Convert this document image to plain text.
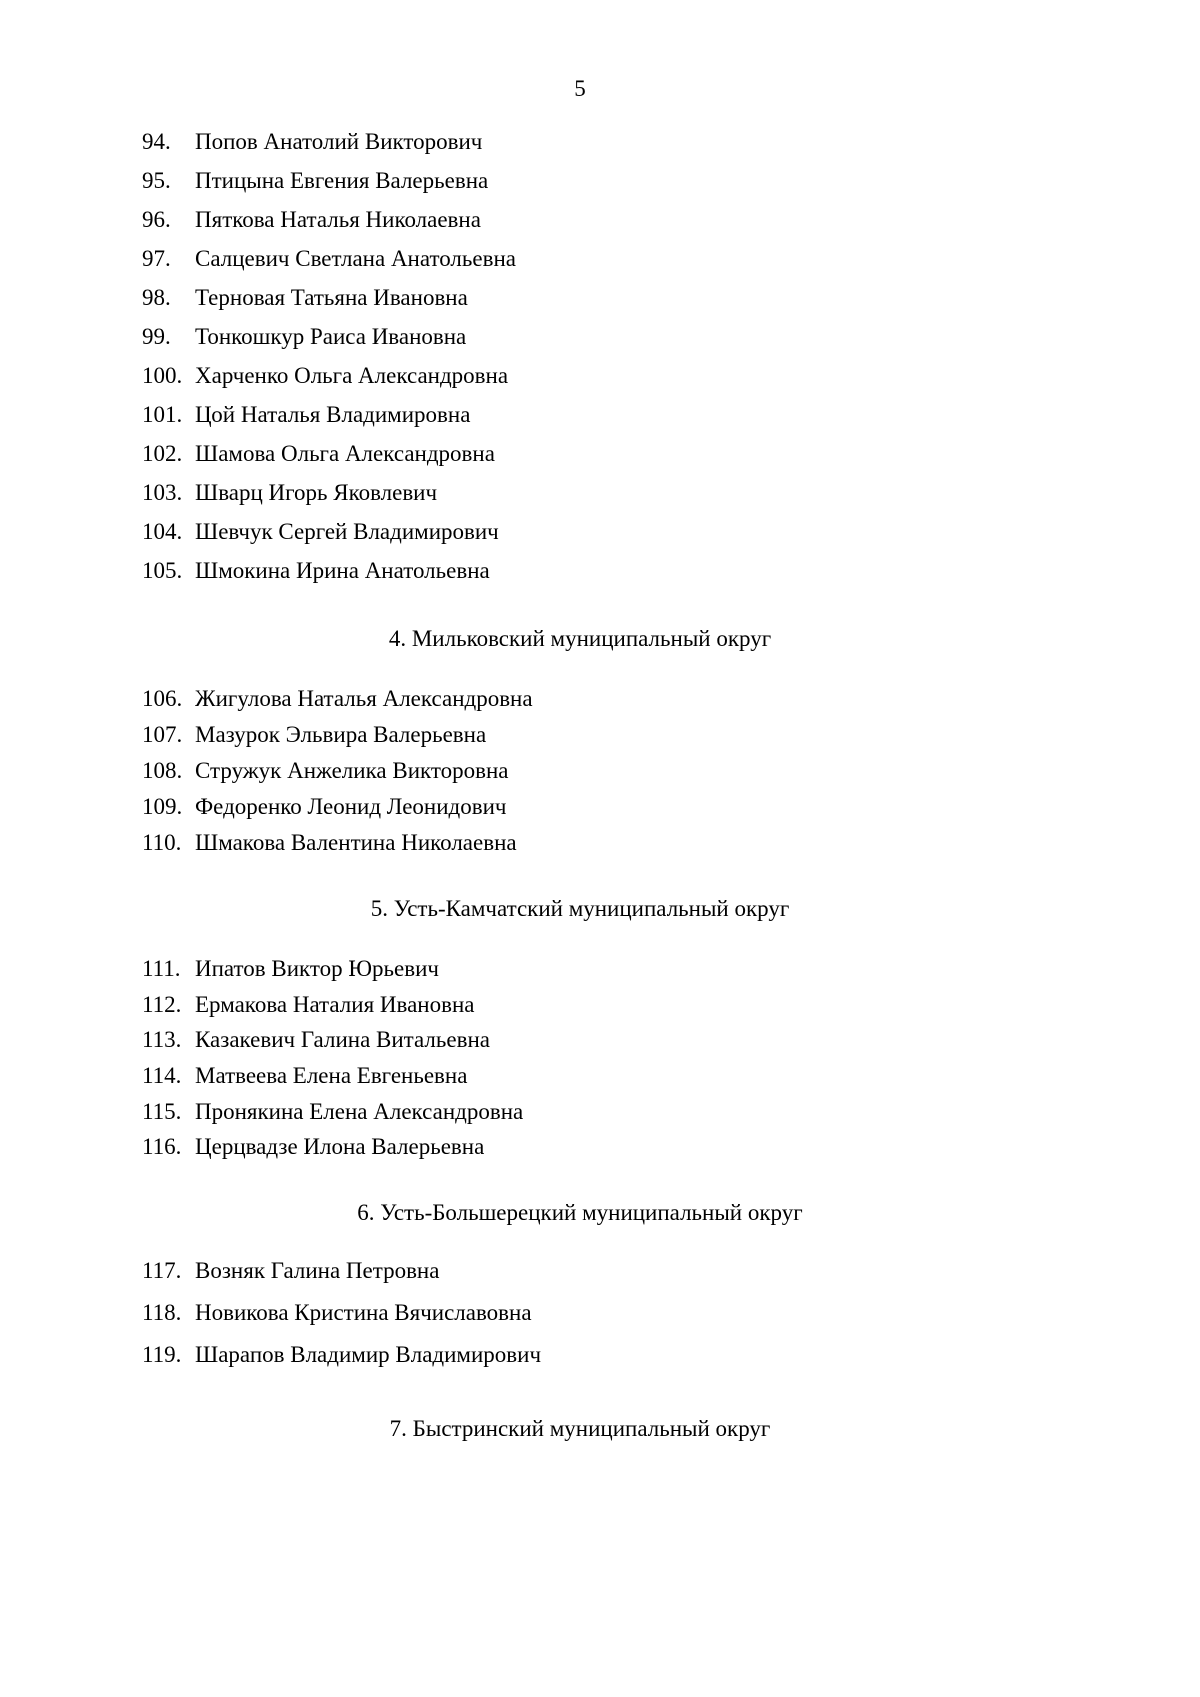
5
94. Попов Анатолий Викторович
95. Птицына Евгения Валерьевна
96. Пяткова Наталья Николаевна
97. Салцевич Светлана Анатольевна
98. Терновая Татьяна Ивановна
99. Тонкошкур Раиса Ивановна
100. Харченко Ольга Александровна
101. Цой Наталья Владимировна
102. Шамова Ольга Александровна
103. Шварц Игорь Яковлевич
104. Шевчук Сергей Владимирович
105. Шмокина Ирина Анатольевна
4. Мильковский муниципальный округ
106. Жигулова Наталья Александровна
107. Мазурок Эльвира Валерьевна
108. Стружук Анжелика Викторовна
109. Федоренко Леонид Леонидович
110. Шмакова Валентина Николаевна
5. Усть-Камчатский муниципальный округ
111. Ипатов Виктор Юрьевич
112. Ермакова Наталия Ивановна
113. Казакевич Галина Витальевна
114. Матвеева Елена Евгеньевна
115. Пронякина Елена Александровна
116. Церцвадзе Илона Валерьевна
6. Усть-Большерецкий муниципальный округ
117. Возняк Галина Петровна
118. Новикова Кристина Вячиславовна
119. Шарапов Владимир Владимирович
7. Быстринский муниципальный округ
